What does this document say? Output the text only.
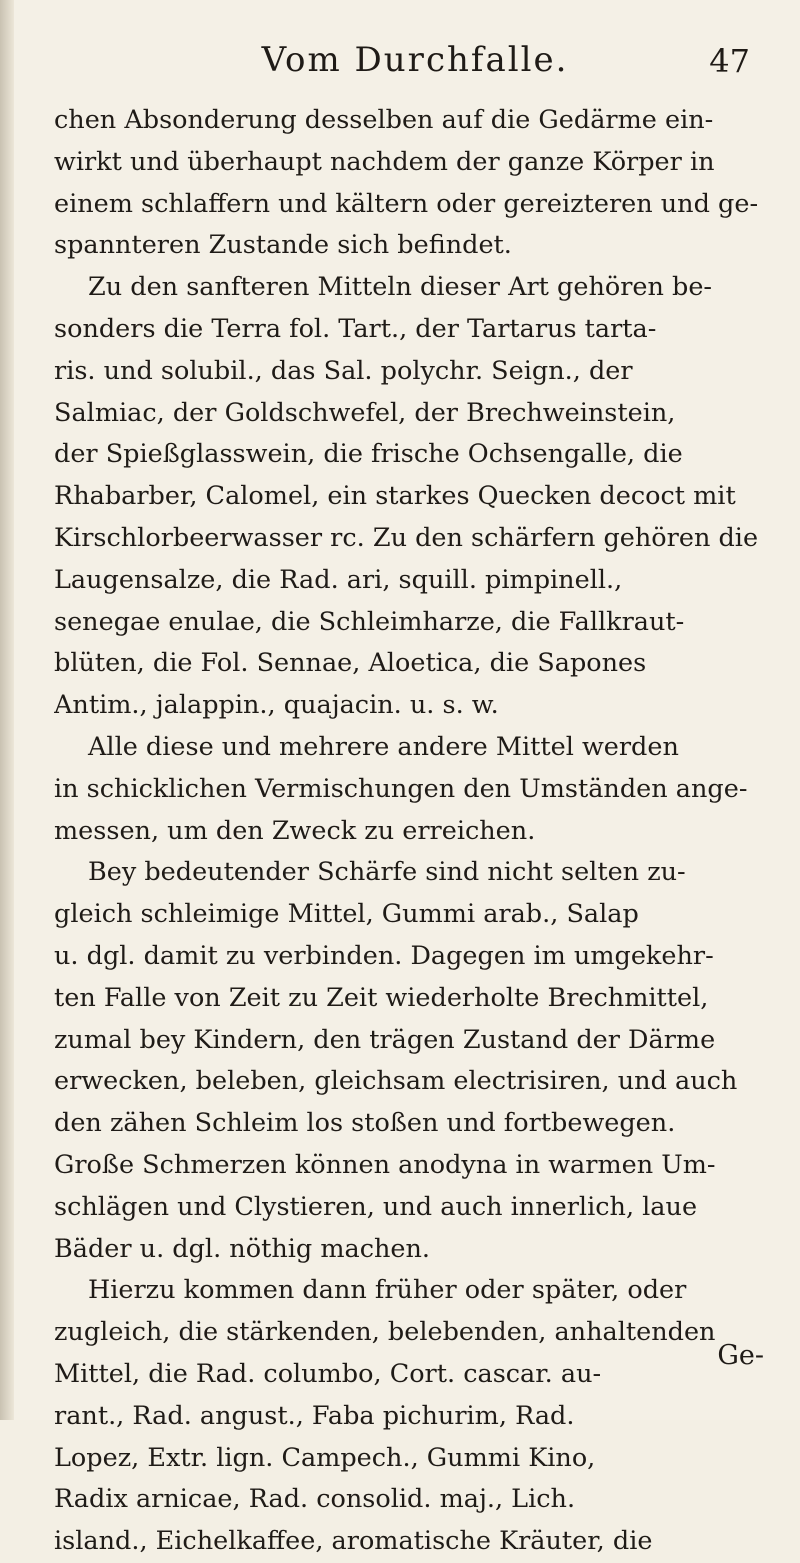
Vom Durchfalle.	47
chen Absonderung desselben auf die Gedärme ein-
wirkt und überhaupt nachdem der ganze Körper in
einem schlaffern und kältern oder gereizteren und ge-
spannteren Zustande sich befindet.
Zu den sanfteren Mitteln dieser Art gehören be-
sonders die Terra fol. Tart., der Tartarus tarta-
ris. und solubil., das Sal. polychr. Seign., der
Salmiac, der Goldschwefel, der Brechweinstein,
der Spießglasswein, die frische Ochsengalle, die
Rhabarber, Calomel, ein starkes Quecken decoct mit
Kirschlorbeerwasser rc. Zu den schärfern gehören die
Laugensalze, die Rad. ari, squill. pimpinell.,
senegae enulae, die Schleimharze, die Fallkraut-
blüten, die Fol. Sennae, Aloetica, die Sapones
Antim., jalappin., quajacin. u. s. w.
Alle diese und mehrere andere Mittel werden
in schicklichen Vermischungen den Umständen ange-
messen, um den Zweck zu erreichen.
Bey bedeutender Schärfe sind nicht selten zu-
gleich schleimige Mittel, Gummi arab., Salap
u. dgl. damit zu verbinden. Dagegen im umgekehr-
ten Falle von Zeit zu Zeit wiederholte Brechmittel,
zumal bey Kindern, den trägen Zustand der Därme
erwecken, beleben, gleichsam electrisiren, und auch
den zähen Schleim los stoßen und fortbewegen.
Große Schmerzen können anodyna in warmen Um-
schlägen und Clystieren, und auch innerlich, laue
Bäder u. dgl. nöthig machen.
Hierzu kommen dann früher oder später, oder
zugleich, die stärkenden, belebenden, anhaltenden
Mittel, die Rad. columbo, Cort. cascar. au-
rant., Rad. angust., Faba pichurim, Rad.
Lopez, Extr. lign. Campech., Gummi Kino,
Radix arnicae, Rad. consolid. maj., Lich.
island., Eichelkaffee, aromatische Kräuter, die
Ge-
